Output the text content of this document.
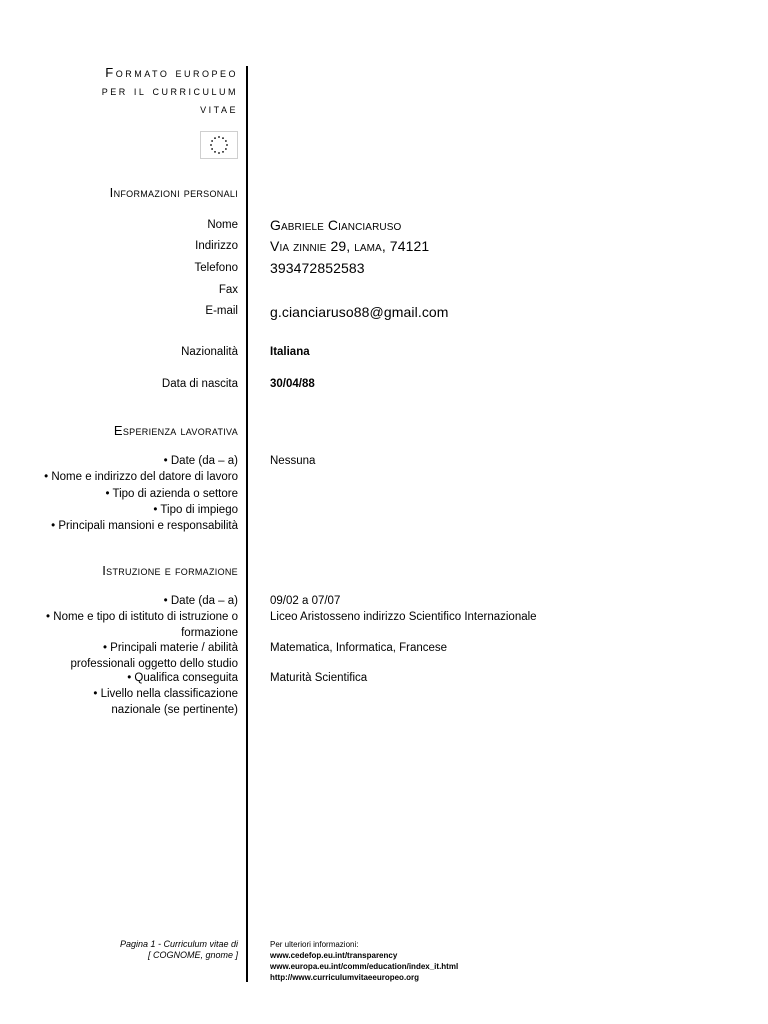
Formato europeo
per il curriculum
vitae
Informazioni personali
Nome
Indirizzo
Telefono
Fax
E-mail
Nazionalità
Data di nascita
Gabriele Cianciaruso
Via zinnie 29, lama, 74121
393472852583
g.cianciaruso88@gmail.com
Italiana
30/04/88
Esperienza lavorativa
• Date (da – a)
• Nome e indirizzo del datore di lavoro
• Tipo di azienda o settore
• Tipo di impiego
• Principali mansioni e responsabilità
Nessuna
Istruzione e formazione
• Date (da – a)
• Nome e tipo di istituto di istruzione o
formazione
• Principali materie / abilità
professionali oggetto dello studio
• Qualifica conseguita
• Livello nella classificazione
nazionale (se pertinente)
09/02 a 07/07
Liceo Aristosseno indirizzo Scientifico Internazionale
Matematica, Informatica, Francese
Maturità Scientifica
Pagina 1 - Curriculum vitae di
[ COGNOME, gnome ]
Per ulteriori informazioni:
www.cedefop.eu.int/transparency
www.europa.eu.int/comm/education/index_it.html
http://www.curriculumvitaeeuropeo.org
